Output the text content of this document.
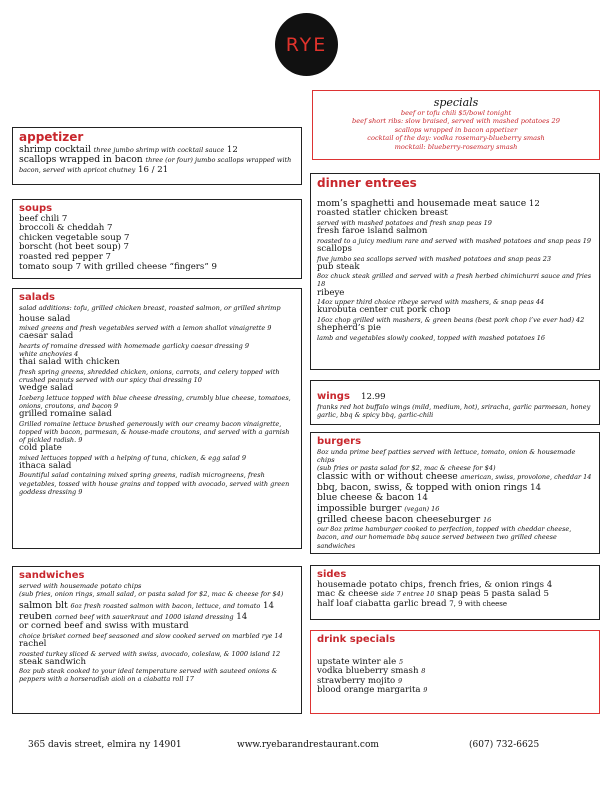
RYE
specials
beef or tofu chili $5/bowl tonight
beef short ribs: slow braised, served with mashed potatoes 29
scallops wrapped in bacon appetizer
cocktail of the day: vodka rosemary-blueberry smash
mocktail: blueberry-rosemary smash
appetizer
shrimp cocktail three jumbo shrimp with cocktail sauce 12
scallops wrapped in bacon three (or four) jumbo scallops wrapped with bacon, served with apricot chutney 16 / 21
soups
beef chili 7
broccoli & cheddah 7
chicken vegetable soup 7
borscht (hot beet soup) 7
roasted red pepper 7
tomato soup 7 with grilled cheese “fingers” 9
salads
salad additions: tofu, grilled chicken breast, roasted salmon, or grilled shrimp
house salad
mixed greens and fresh vegetables served with a lemon shallot vinaigrette 9
caesar salad
hearts of romaine dressed with homemade garlicky caesar dressing 9
white anchovies 4
thai salad with chicken
fresh spring greens, shredded chicken, onions, carrots, and celery topped with crushed peanuts served with our spicy thai dressing 10
wedge salad
Iceberg lettuce topped with blue cheese dressing, crumbly blue cheese, tomatoes, onions, croutons, and bacon 9
grilled romaine salad
Grilled romaine lettuce brushed generously with our creamy bacon vinaigrette, topped with bacon, parmesan, & house-made croutons, and served with a garnish of pickled radish. 9
cold plate
mixed lettuces topped with a helping of tuna, chicken, & egg salad 9
ithaca salad
Bountiful salad containing mixed spring greens, radish microgreens, fresh vegetables, tossed with house grains and topped with avocado, served with green goddess dressing 9
sandwiches
served with housemade potato chips
(sub fries, onion rings, small salad, or pasta salad for $2, mac & cheese for $4)
salmon blt 6oz fresh roasted salmon with bacon, lettuce, and tomato 14
reuben corned beef with sauerkraut and 1000 island dressing 14
or corned beef and swiss with mustard
choice brisket corned beef seasoned and slow cooked served on marbled rye 14
rachel
roasted turkey sliced & served with swiss, avocado, coleslaw, & 1000 island 12
steak sandwich
8oz pub steak cooked to your ideal temperature served with sauteed onions & peppers with a horseradish aioli on a ciabatta roll 17
dinner entrees
mom’s spaghetti and housemade meat sauce 12
roasted statler chicken breast
served with mashed potatoes and fresh snap peas 19
fresh faroe island salmon
roasted to a juicy medium rare and served with mashed potatoes and snap peas 19
scallops
five jumbo sea scallops served with mashed potatoes and snap peas 23
pub steak
8oz chuck steak grilled and served with a fresh herbed chimichurri sauce and fries 18
ribeye
14oz upper third choice ribeye served with mashers, & snap peas 44
kurobuta center cut pork chop
16oz chop grilled with mashers, & green beans (best pork chop i’ve ever had) 42
shepherd’s pie
lamb and vegetables slowly cooked, topped with mashed potatoes 16
wings 12.99
franks red hot buffalo wings (mild, medium, hot), sriracha, garlic parmesan, honey garlic, bbq & spicy bbq, garlic-chili
burgers
8oz unda prime beef patties served with lettuce, tomato, onion & housemade chips
(sub fries or pasta salad for $2, mac & cheese for $4)
classic with or without cheese american, swiss, provolone, cheddar 14
bbq, bacon, swiss, & topped with onion rings 14
blue cheese & bacon 14
impossible burger (vegan) 16
grilled cheese bacon cheeseburger 16
our 8oz prime hamburger cooked to perfection, topped with cheddar cheese, bacon, and our homemade bbq sauce served between two grilled cheese sandwiches
sides
housemade potato chips, french fries, & onion rings 4
mac & cheese side 7 entree 10 snap peas 5 pasta salad 5
half loaf ciabatta garlic bread 7, 9 with cheese
drink specials
upstate winter ale 5
vodka blueberry smash 8
strawberry mojito 9
blood orange margarita 9
365 davis street, elmira ny 14901	www.ryebarandrestaurant.com	(607) 732-6625
